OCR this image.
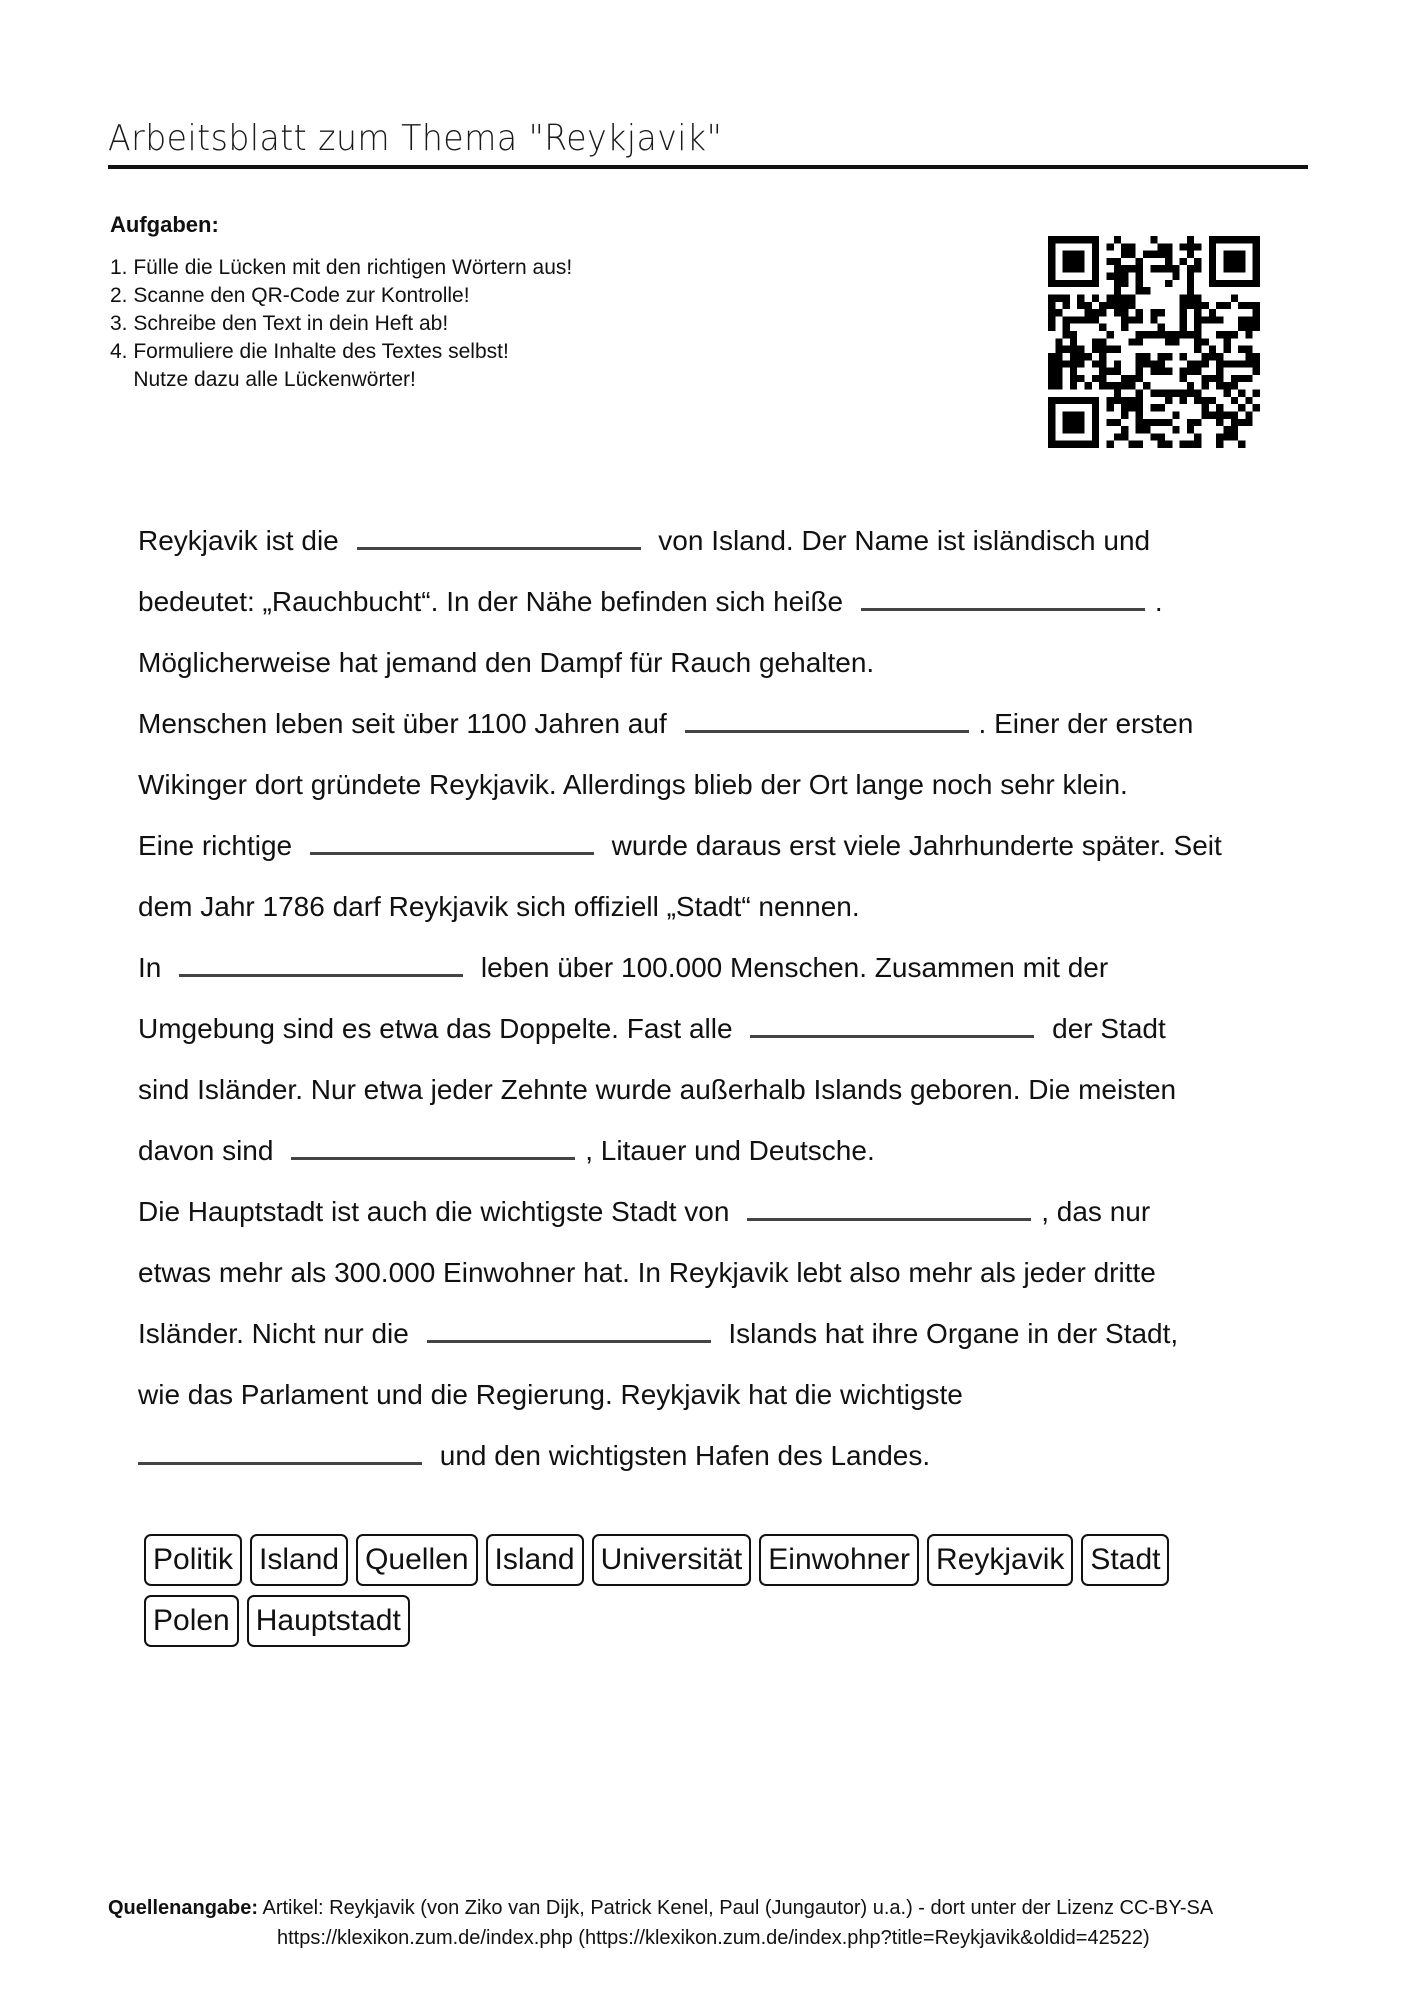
Arbeitsblatt zum Thema "Reykjavik"
Aufgaben:
1. Fülle die Lücken mit den richtigen Wörtern aus!
2. Scanne den QR-Code zur Kontrolle!
3. Schreibe den Text in dein Heft ab!
4. Formuliere die Inhalte des Textes selbst!
Nutze dazu alle Lückenwörter!
Reykjavik ist die	von Island. Der Name ist isländisch und
bedeutet: „Rauchbucht“. In der Nähe befinden sich heiße	.
Möglicherweise hat jemand den Dampf für Rauch gehalten.
Menschen leben seit über 1100 Jahren auf	. Einer der ersten
Wikinger dort gründete Reykjavik. Allerdings blieb der Ort lange noch sehr klein.
Eine richtige	wurde daraus erst viele Jahrhunderte später. Seit
dem Jahr 1786 darf Reykjavik sich offiziell „Stadt“ nennen.
In	leben über 100.000 Menschen. Zusammen mit der
Umgebung sind es etwa das Doppelte. Fast alle	der Stadt
sind Isländer. Nur etwa jeder Zehnte wurde außerhalb Islands geboren. Die meisten
davon sind	, Litauer und Deutsche.
Die Hauptstadt ist auch die wichtigste Stadt von	, das nur
etwas mehr als 300.000 Einwohner hat. In Reykjavik lebt also mehr als jeder dritte
Isländer. Nicht nur die	Islands hat ihre Organe in der Stadt,
wie das Parlament und die Regierung. Reykjavik hat die wichtigste
und den wichtigsten Hafen des Landes.
Politik Island Quellen Island Universität Einwohner Reykjavik Stadt
Polen Hauptstadt
Quellenangabe: Artikel: Reykjavik (von Ziko van Dijk, Patrick Kenel, Paul (Jungautor) u.a.) - dort unter der Lizenz CC-BY-SA
https://klexikon.zum.de/index.php (https://klexikon.zum.de/index.php?title=Reykjavik&oldid=42522)
